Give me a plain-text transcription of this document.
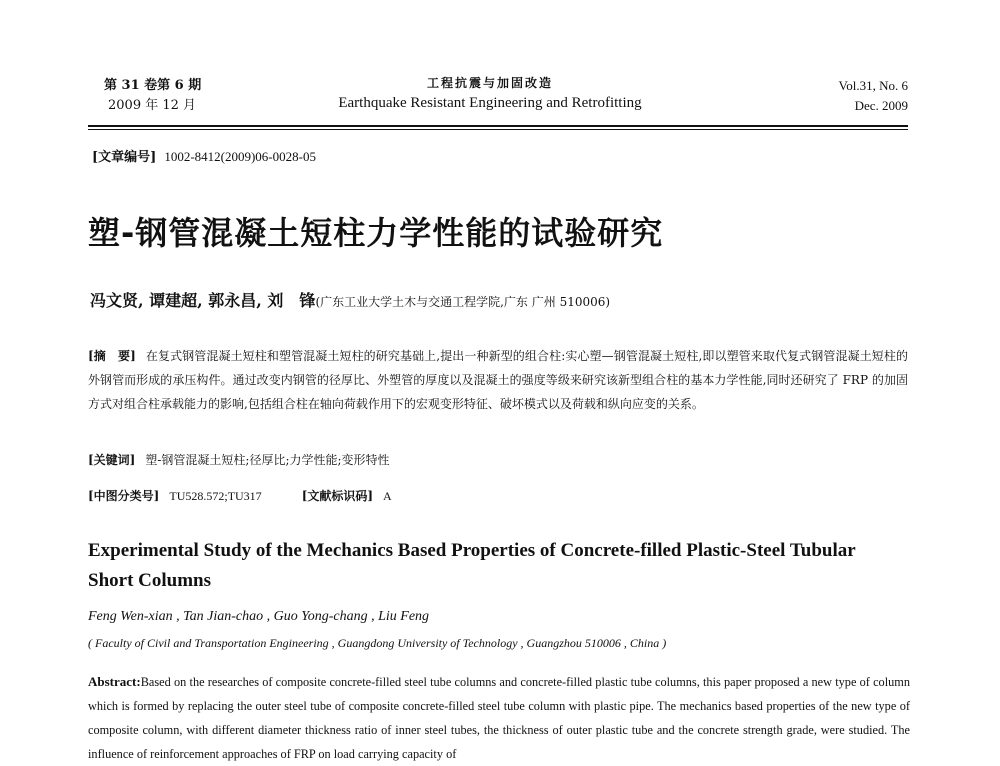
第 31 卷第 6 期
2009 年 12 月
工程抗震与加固改造
Earthquake Resistant Engineering and Retrofitting
Vol.31, No. 6
Dec. 2009
[文章编号] 1002-8412(2009)06-0028-05
塑-钢管混凝土短柱力学性能的试验研究
冯文贤, 谭建超, 郭永昌, 刘　锋(广东工业大学土木与交通工程学院,广东 广州 510006)
[摘　要] 在复式钢管混凝土短柱和塑管混凝土短柱的研究基础上,提出一种新型的组合柱:实心塑—钢管混凝土短柱,即以塑管来取代复式钢管混凝土短柱的外钢管而形成的承压构件。通过改变内钢管的径厚比、外塑管的厚度以及混凝土的强度等级来研究该新型组合柱的基本力学性能,同时还研究了 FRP 的加固方式对组合柱承载能力的影响,包括组合柱在轴向荷载作用下的宏观变形特征、破坏模式以及荷载和纵向应变的关系。
[关键词] 塑-钢管混凝土短柱;径厚比;力学性能;变形特性
[中图分类号] TU528.572;TU317	[文献标识码] A
Experimental Study of the Mechanics Based Properties of Concrete-filled Plastic-Steel Tubular Short Columns
Feng Wen-xian , Tan Jian-chao , Guo Yong-chang , Liu Feng
( Faculty of Civil and Transportation Engineering , Guangdong University of Technology , Guangzhou 510006 , China )
Abstract:Based on the researches of composite concrete-filled steel tube columns and concrete-filled plastic tube columns, this paper proposed a new type of column which is formed by replacing the outer steel tube of composite concrete-filled steel tube column with plastic pipe. The mechanics based properties of the new type of composite column, with different diameter thickness ratio of inner steel tubes, the thickness of outer plastic tube and the concrete strength grade, were studied. The influence of reinforcement approaches of FRP on load carrying capacity of
